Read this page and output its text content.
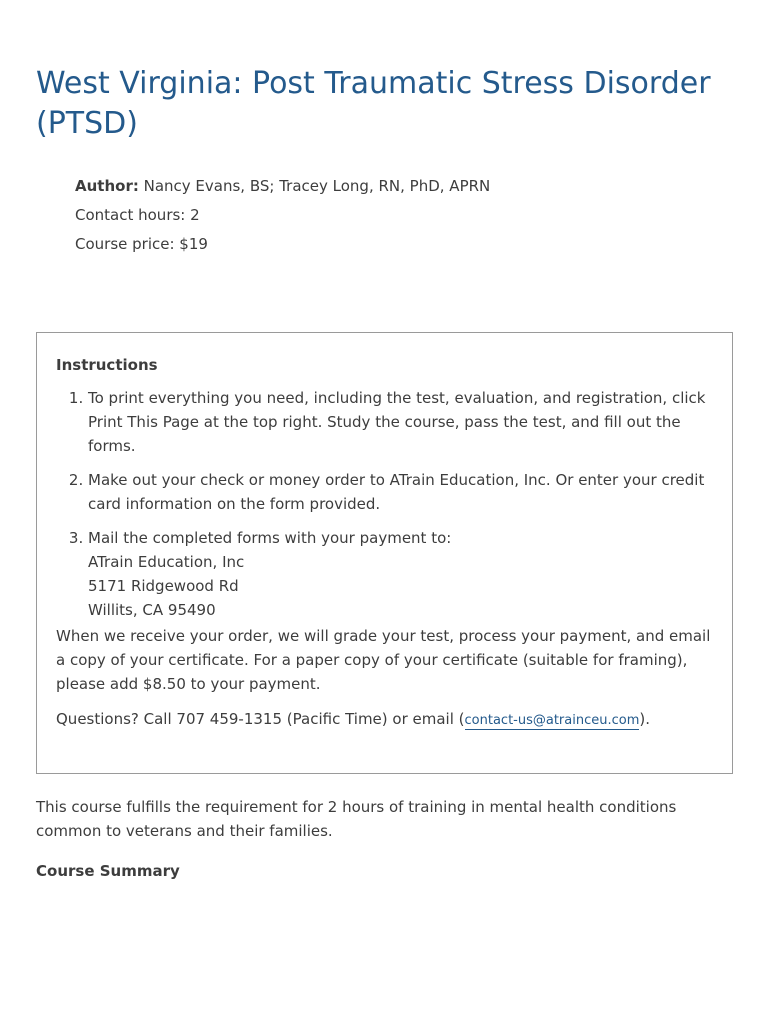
West Virginia: Post Traumatic Stress Disorder (PTSD)
Author: Nancy Evans, BS; Tracey Long, RN, PhD, APRN
Contact hours: 2
Course price: $19
Instructions
1. To print everything you need, including the test, evaluation, and registration, click Print This Page at the top right. Study the course, pass the test, and fill out the forms.
2. Make out your check or money order to ATrain Education, Inc. Or enter your credit card information on the form provided.
3. Mail the completed forms with your payment to:
ATrain Education, Inc
5171 Ridgewood Rd
Willits, CA 95490

When we receive your order, we will grade your test, process your payment, and email a copy of your certificate. For a paper copy of your certificate (suitable for framing), please add $8.50 to your payment.

Questions? Call 707 459-1315 (Pacific Time) or email (contact-us@atrainceu.com).

This course fulfills the requirement for 2 hours of training in mental health conditions common to veterans and their families.

Course Summary
